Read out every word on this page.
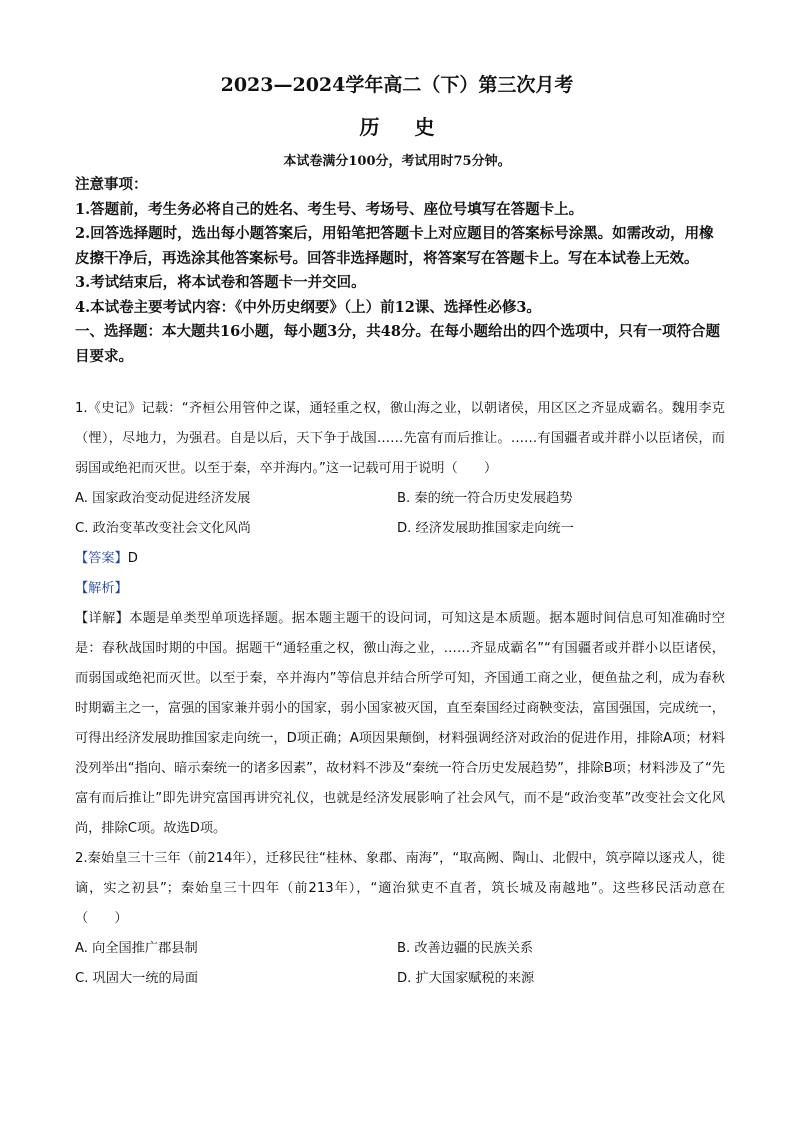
2023—2024学年高二（下）第三次月考
历 史
本试卷满分100分，考试用时75分钟。

注意事项：

1.答题前，考生务必将自己的姓名、考生号、考场号、座位号填写在答题卡上。

2.回答选择题时，选出每小题答案后，用铅笔把答题卡上对应题目的答案标号涂黑。如需改动，用橡皮擦干净后，再选涂其他答案标号。回答非选择题时，将答案写在答题卡上。写在本试卷上无效。

3.考试结束后，将本试卷和答题卡一并交回。

4.本试卷主要考试内容：《中外历史纲要》（上）前12课、选择性必修3。

一、选择题：本大题共16小题，每小题3分，共48分。在每小题给出的四个选项中，只有一项符合题目要求。

1.《史记》记载：“齐桓公用管仲之谋，通轻重之权，徼山海之业，以朝诸侯，用区区之齐显成霸名。魏用李克（悝），尽地力，为强君。自是以后，天下争于战国……先富有而后推让。……有国疆者或并群小以臣诸侯，而弱国或绝祀而灭世。以至于秦，卒并海内。”这一记载可用于说明（　　）

A. 国家政治变动促进经济发展	B. 秦的统一符合历史发展趋势
C. 政治变革改变社会文化风尚	D. 经济发展助推国家走向统一

【答案】D

【解析】

【详解】本题是单类型单项选择题。据本题主题干的设问词，可知这是本质题。据本题时间信息可知准确时空是：春秋战国时期的中国。据题干“通轻重之权，徼山海之业，……齐显成霸名”“有国疆者或并群小以臣诸侯，而弱国或绝祀而灭世。以至于秦，卒并海内”等信息并结合所学可知，齐国通工商之业，便鱼盐之利，成为春秋时期霸主之一，富强的国家兼并弱小的国家，弱小国家被灭国，直至秦国经过商鞅变法，富国强国，完成统一，可得出经济发展助推国家走向统一，D项正确；A项因果颠倒，材料强调经济对政治的促进作用，排除A项；材料没列举出“指向、暗示秦统一的诸多因素”，故材料不涉及“秦统一符合历史发展趋势”，排除B项；材料涉及了“先富有而后推让”即先讲究富国再讲究礼仪，也就是经济发展影响了社会风气，而不是“政治变革”改变社会文化风尚，排除C项。故选D项。

2.秦始皇三十三年（前214年），迁移民往“桂林、象郡、南海”，“取高阙、陶山、北假中，筑亭障以逐戎人，徙谪，实之初县”；秦始皇三十四年（前213年），“適治狱吏不直者，筑长城及南越地”。这些移民活动意在（　　）

A. 向全国推广郡县制	B. 改善边疆的民族关系
C. 巩固大一统的局面	D. 扩大国家赋税的来源
